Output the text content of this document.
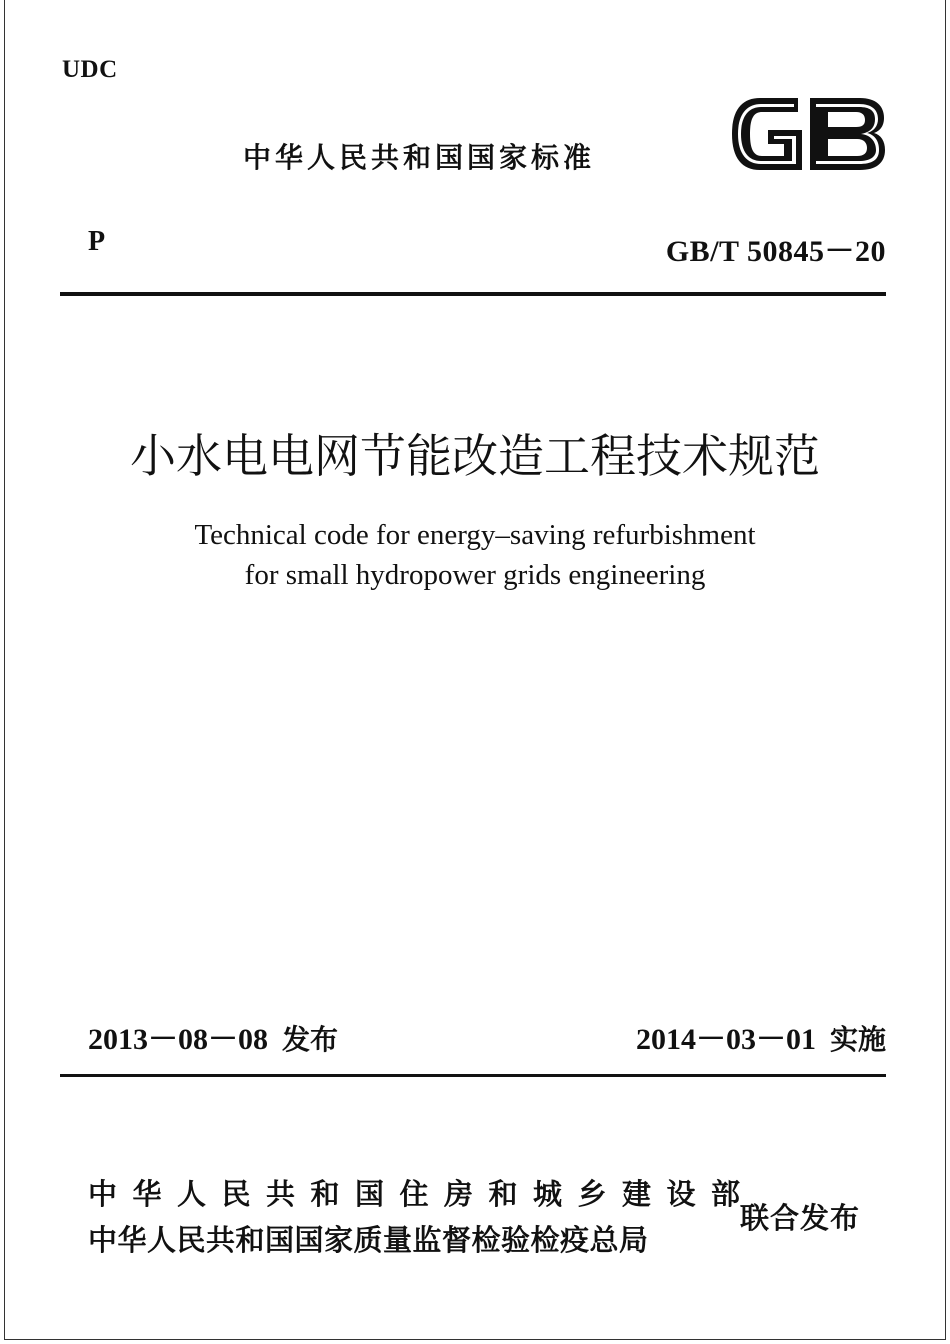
UDC
中华人民共和国国家标准
P	GB/T 50845－20
小水电电网节能改造工程技术规范
Technical code for energy–saving refurbishment
for small hydropower grids engineering
2013－08－08 发布	2014－03－01 实施
中华人民共和国住房和城乡建设部
中华人民共和国国家质量监督检验检疫总局
联合发布
